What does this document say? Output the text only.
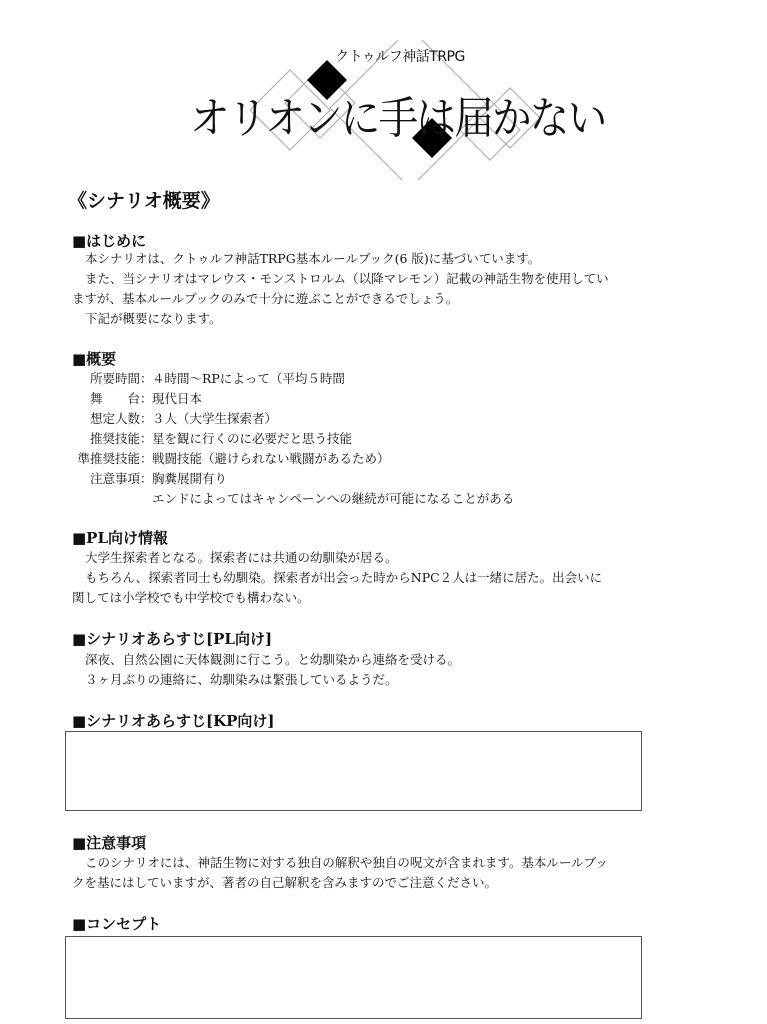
クトゥルフ神話TRPG
オリオンに手は届かない
《シナリオ概要》
■はじめに
本シナリオは、クトゥルフ神話TRPG基本ルールブック(6 版)に基づいています。
また、当シナリオはマレウス・モンストロルム（以降マレモン）記載の神話生物を使用してい
ますが、基本ルールブックのみで十分に遊ぶことができるでしょう。
下記が概要になります。
■概要
所要時間 ： ４時間〜RPによって（平均５時間
舞　　台 ： 現代日本
想定人数 ： ３人（大学生探索者）
推奨技能 ： 星を観に行くのに必要だと思う技能
準推奨技能 ： 戦闘技能（避けられない戦闘があるため）
注意事項 ： 胸糞展開有り
エンドによってはキャンペーンへの継続が可能になることがある
■PL向け情報
大学生探索者となる。探索者には共通の幼馴染が居る。
もちろん、探索者同士も幼馴染。探索者が出会った時からNPC２人は一緒に居た。出会いに
関しては小学校でも中学校でも構わない。
■シナリオあらすじ[PL向け]
深夜、自然公園に天体観測に行こう。と幼馴染から連絡を受ける。
３ヶ月ぶりの連絡に、幼馴染みは緊張しているようだ。
■シナリオあらすじ[KP向け]
■注意事項
このシナリオには、神話生物に対する独自の解釈や独自の呪文が含まれます。基本ルールブッ
クを基にはしていますが、著者の自己解釈を含みますのでご注意ください。
■コンセプト
